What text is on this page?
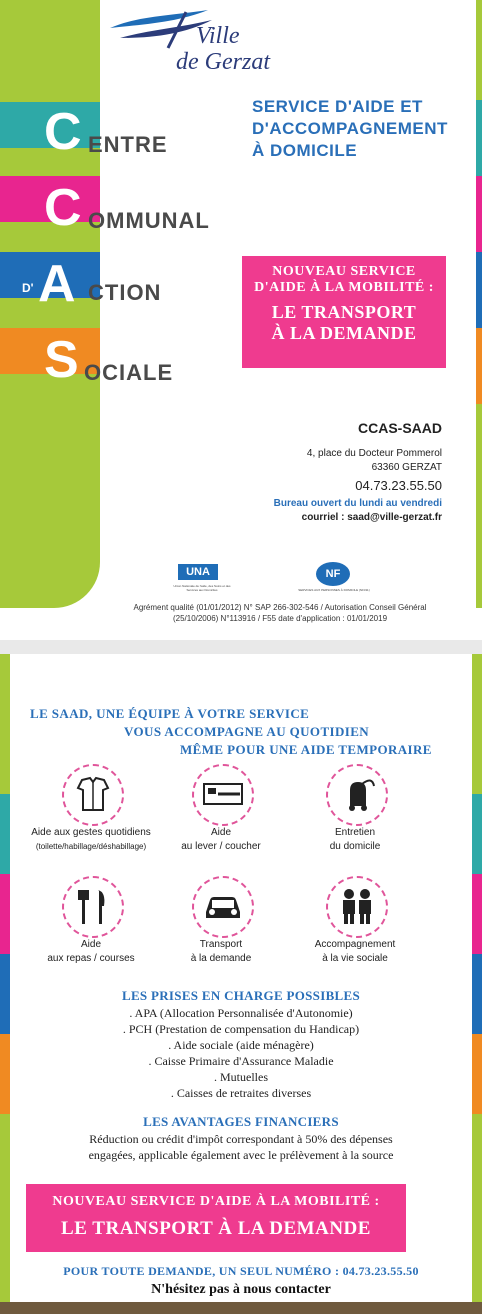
Ville
de Gerzat
C ENTRE
C OMMUNAL
D' A CTION
S OCIALE
SERVICE D'AIDE ET
D'ACCOMPAGNEMENT
À DOMICILE
NOUVEAU SERVICE
D'AIDE À LA MOBILITÉ :
LE TRANSPORT
À LA DEMANDE
CCAS-SAAD
4, place du Docteur Pommerol
63360 GERZAT
04.73.23.55.50
Bureau ouvert du lundi au vendredi
courriel : saad@ville-gerzat.fr
UNA
Union Nationale de l'aide, des Soins et des Services aux Domiciles
NF
SERVICES AUX PERSONNES À DOMICILE (NF311)
Agrément qualité (01/01/2012) N° SAP 266-302-546 / Autorisation Conseil Général
(25/10/2006) N°113916 / F55 date d'application : 01/01/2019
LE SAAD, UNE ÉQUIPE À VOTRE SERVICE
VOUS ACCOMPAGNE AU QUOTIDIEN
MÊME POUR UNE AIDE TEMPORAIRE
Aide aux gestes quotidiens
(toilette/habillage/déshabillage)
Aide
au lever / coucher
Entretien
du domicile
Aide
aux repas / courses
Transport
à la demande
Accompagnement
à la vie sociale
LES PRISES EN CHARGE POSSIBLES
. APA (Allocation Personnalisée d'Autonomie)
. PCH (Prestation de compensation du Handicap)
. Aide sociale (aide ménagère)
. Caisse Primaire d'Assurance Maladie
. Mutuelles
. Caisses de retraites diverses
LES AVANTAGES FINANCIERS
Réduction ou crédit d'impôt correspondant à 50% des dépenses
engagées, applicable également avec le prélèvement à la source
NOUVEAU SERVICE D'AIDE À LA MOBILITÉ :
LE TRANSPORT À LA DEMANDE
POUR TOUTE DEMANDE, UN SEUL NUMÉRO : 04.73.23.55.50
N'hésitez pas à nous contacter
